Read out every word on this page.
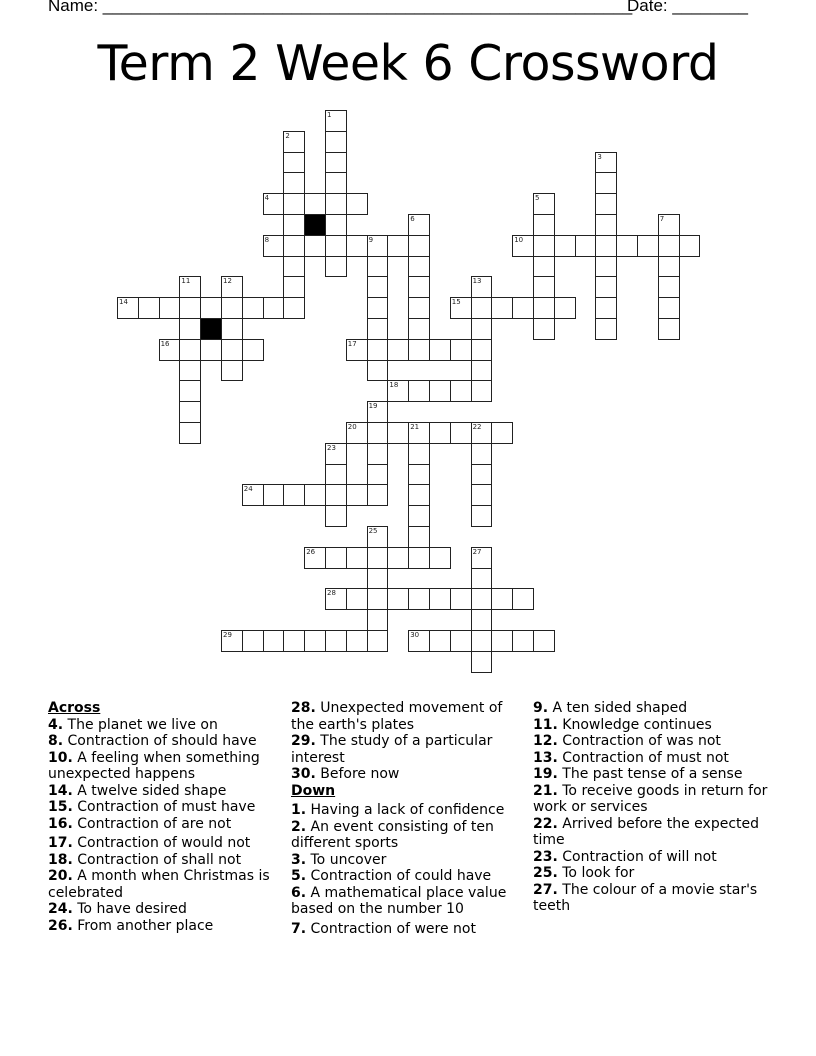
Name: ________________________________________________________
Date: ________
Term 2 Week 6 Crossword
1
2
3
4	5
6	7
8	9	10
11	12	13
14	15
16	17
18
19
20	21	22
23
24
25
26	27
28
29	30
Across
4. The planet we live on
8. Contraction of should have
10. A feeling when something unexpected happens
14. A twelve sided shape
15. Contraction of must have
16. Contraction of are not
17. Contraction of would not
18. Contraction of shall not
20. A month when Christmas is celebrated
24. To have desired
26. From another place
28. Unexpected movement of the earth's plates
29. The study of a particular interest
30. Before now
Down
1. Having a lack of confidence
2. An event consisting of ten different sports
3. To uncover
5. Contraction of could have
6. A mathematical place value based on the number 10
7. Contraction of were not
9. A ten sided shaped
11. Knowledge continues
12. Contraction of was not
13. Contraction of must not
19. The past tense of a sense
21. To receive goods in return for work or services
22. Arrived before the expected time
23. Contraction of will not
25. To look for
27. The colour of a movie star's teeth
